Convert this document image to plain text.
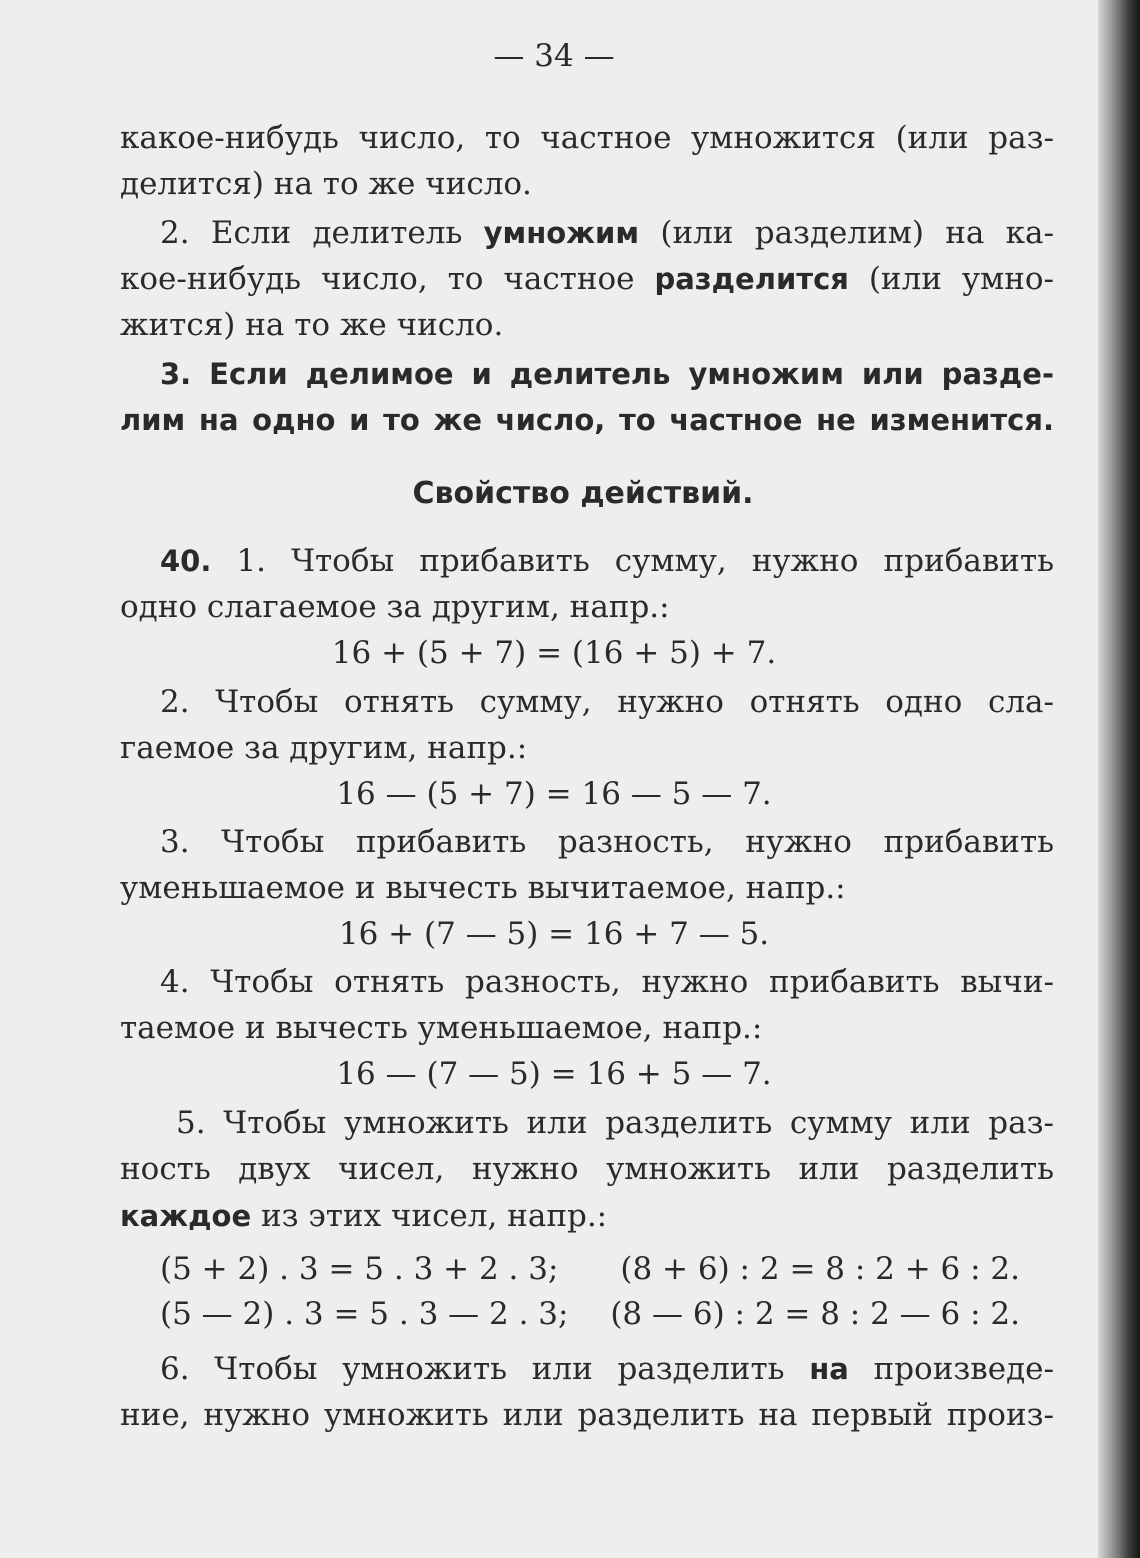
— 34 —
какое-нибудь число, то частное умножится (или раз-
делится) на то же число.
2. Если делитель умножим (или разделим) на ка-
кое-нибудь число, то частное разделится (или умно-
жится) на то же число.
3. Если делимое и делитель умножим или разде-
лим на одно и то же число, то частное не изменится.
Свойство действий.
40. 1. Чтобы прибавить сумму, нужно прибавить
одно слагаемое за другим, напр.:
16 + (5 + 7) = (16 + 5) + 7.
2. Чтобы отнять сумму, нужно отнять одно сла-
гаемое за другим, напр.:
16 — (5 + 7) = 16 — 5 — 7.
3. Чтобы прибавить разность, нужно прибавить
уменьшаемое и вычесть вычитаемое, напр.:
16 + (7 — 5) = 16 + 7 — 5.
4. Чтобы отнять разность, нужно прибавить вычи-
таемое и вычесть уменьшаемое, напр.:
16 — (7 — 5) = 16 + 5 — 7.
5. Чтобы умножить или разделить сумму или раз-
ность двух чисел, нужно умножить или разделить
каждое из этих чисел, напр.:
(5 + 2) . 3 = 5 . 3 + 2 . 3; (8 + 6) : 2 = 8 : 2 + 6 : 2.
(5 — 2) . 3 = 5 . 3 — 2 . 3; (8 — 6) : 2 = 8 : 2 — 6 : 2.
6. Чтобы умножить или разделить на произведе-
ние, нужно умножить или разделить на первый произ-
